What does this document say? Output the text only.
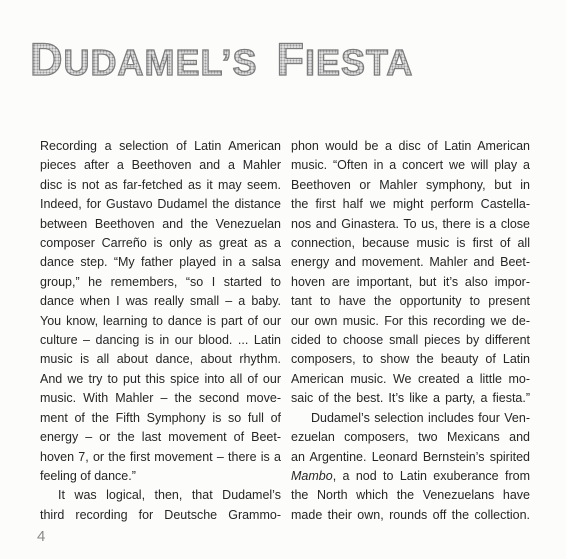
DUDAMEL’S FIESTA
Recording a selection of Latin American
pieces after a Beethoven and a Mahler
disc is not as far-fetched as it may seem.
Indeed, for Gustavo Dudamel the distance
between Beethoven and the Venezuelan
composer Carreño is only as great as a
dance step. “My father played in a salsa
group,” he remembers, “so I started to
dance when I was really small – a baby.
You know, learning to dance is part of our
culture – dancing is in our blood. ... Latin
music is all about dance, about rhythm.
And we try to put this spice into all of our
music. With Mahler – the second move-
ment of the Fifth Symphony is so full of
energy – or the last movement of Beet-
hoven 7, or the first movement – there is a
feeling of dance.”
It was logical, then, that Dudamel’s
third recording for Deutsche Grammo-
phon would be a disc of Latin American
music. “Often in a concert we will play a
Beethoven or Mahler symphony, but in
the first half we might perform Castella-
nos and Ginastera. To us, there is a close
connection, because music is first of all
energy and movement. Mahler and Beet-
hoven are important, but it’s also impor-
tant to have the opportunity to present
our own music. For this recording we de-
cided to choose small pieces by different
composers, to show the beauty of Latin
American music. We created a little mo-
saic of the best. It’s like a party, a fiesta.”
Dudamel’s selection includes four Ven-
ezuelan composers, two Mexicans and
an Argentine. Leonard Bernstein’s spirited
Mambo, a nod to Latin exuberance from
the North which the Venezuelans have
made their own, rounds off the collection.
4
